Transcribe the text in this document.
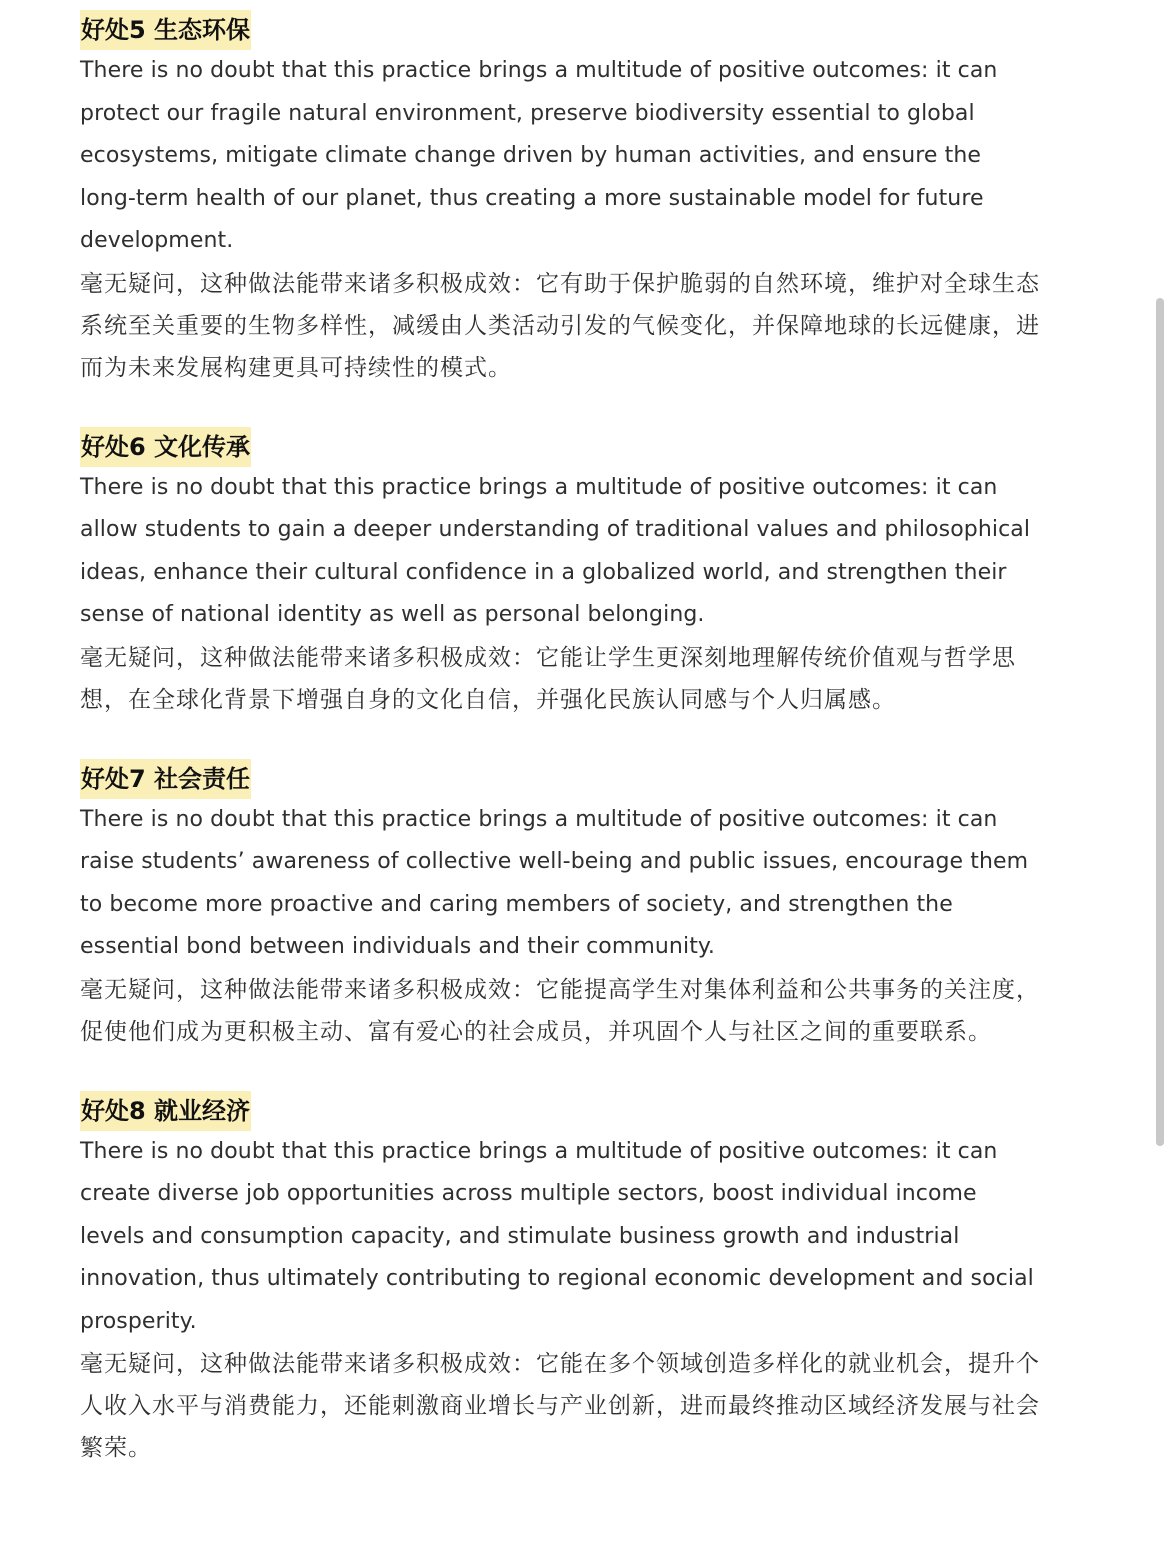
好处5 生态环保

There is no doubt that this practice brings a multitude of positive outcomes: it can protect our fragile natural environment, preserve biodiversity essential to global ecosystems, mitigate climate change driven by human activities, and ensure the long-term health of our planet, thus creating a more sustainable model for future development.

毫无疑问，这种做法能带来诸多积极成效：它有助于保护脆弱的自然环境，维护对全球生态系统至关重要的生物多样性，减缓由人类活动引发的气候变化，并保障地球的长远健康，进而为未来发展构建更具可持续性的模式。

好处6 文化传承

There is no doubt that this practice brings a multitude of positive outcomes: it can allow students to gain a deeper understanding of traditional values and philosophical ideas, enhance their cultural confidence in a globalized world, and strengthen their sense of national identity as well as personal belonging.

毫无疑问，这种做法能带来诸多积极成效：它能让学生更深刻地理解传统价值观与哲学思想，在全球化背景下增强自身的文化自信，并强化民族认同感与个人归属感。

好处7 社会责任

There is no doubt that this practice brings a multitude of positive outcomes: it can raise students’ awareness of collective well-being and public issues, encourage them to become more proactive and caring members of society, and strengthen the essential bond between individuals and their community.

毫无疑问，这种做法能带来诸多积极成效：它能提高学生对集体利益和公共事务的关注度，促使他们成为更积极主动、富有爱心的社会成员，并巩固个人与社区之间的重要联系。

好处8 就业经济

There is no doubt that this practice brings a multitude of positive outcomes: it can create diverse job opportunities across multiple sectors, boost individual income levels and consumption capacity, and stimulate business growth and industrial innovation, thus ultimately contributing to regional economic development and social prosperity.

毫无疑问，这种做法能带来诸多积极成效：它能在多个领域创造多样化的就业机会，提升个人收入水平与消费能力，还能刺激商业增长与产业创新，进而最终推动区域经济发展与社会繁荣。
